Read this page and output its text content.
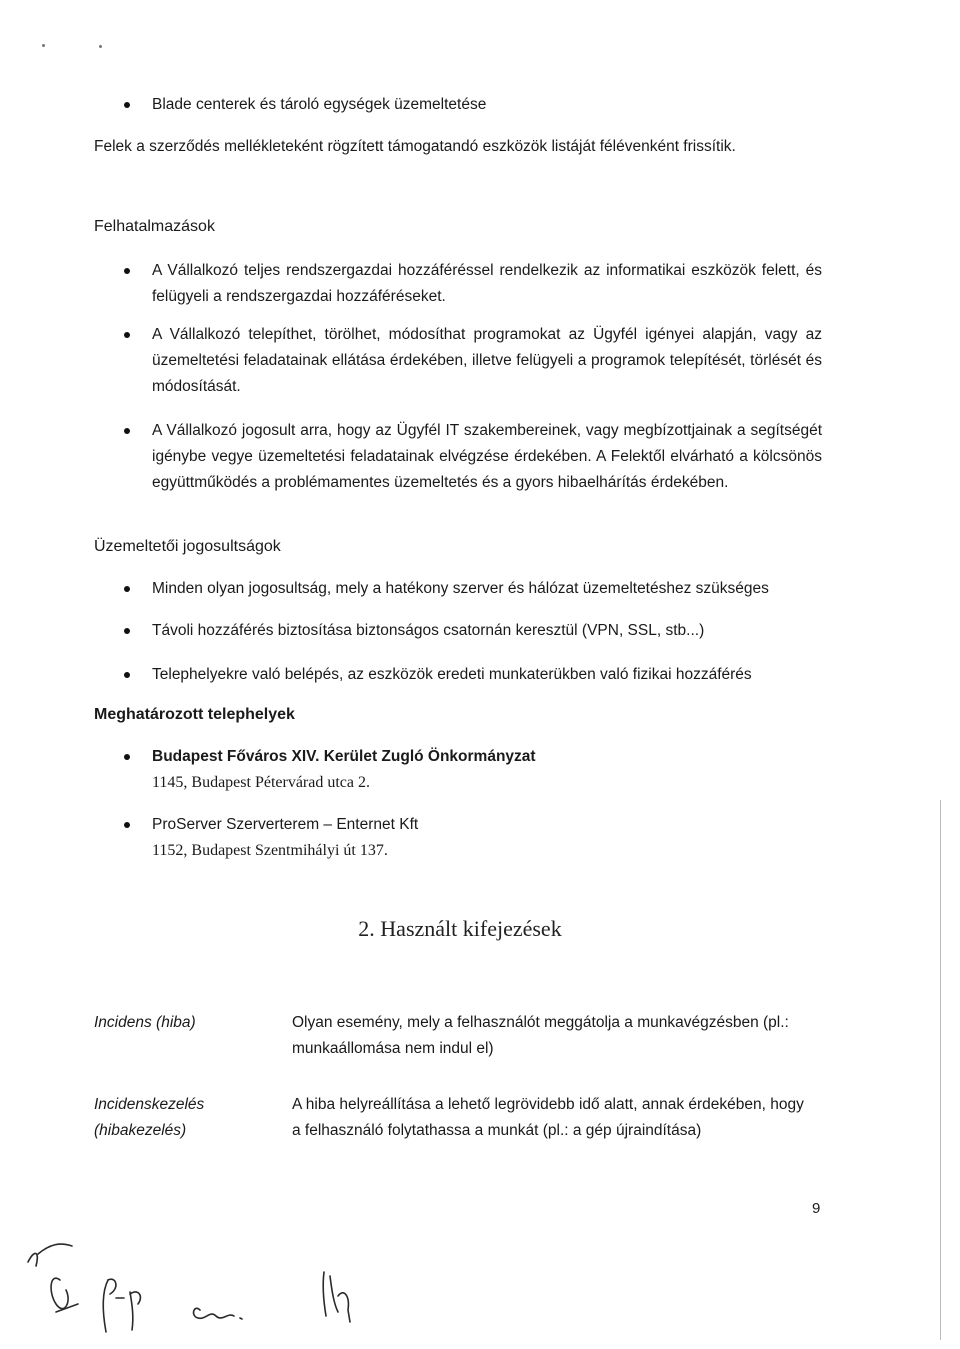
Blade centerek és tároló egységek üzemeltetése
Felek a szerződés mellékleteként rögzített támogatandó eszközök listáját félévenként frissítik.
Felhatalmazások
A Vállalkozó teljes rendszergazdai hozzáféréssel rendelkezik az informatikai eszközök felett, és felügyeli a rendszergazdai hozzáféréseket.
A Vállalkozó telepíthet, törölhet, módosíthat programokat az Ügyfél igényei alapján, vagy az üzemeltetési feladatainak ellátása érdekében, illetve felügyeli a programok telepítését, törlését és módosítását.
A Vállalkozó jogosult arra, hogy az Ügyfél IT szakembereinek, vagy megbízottjainak a segítségét igénybe vegye üzemeltetési feladatainak elvégzése érdekében. A Felektől elvárható a kölcsönös együttműködés a problémamentes üzemeltetés és a gyors hibaelhárítás érdekében.
Üzemeltetői jogosultságok
Minden olyan jogosultság, mely a hatékony szerver és hálózat üzemeltetéshez szükséges
Távoli hozzáférés biztosítása biztonságos csatornán keresztül (VPN, SSL, stb...)
Telephelyekre való belépés, az eszközök eredeti munkaterükben való fizikai hozzáférés
Meghatározott telephelyek
Budapest Főváros XIV. Kerület Zugló Önkormányzat
1145, Budapest Pétervárad utca 2.
ProServer Szerverterem – Enternet Kft
1152, Budapest Szentmihályi út 137.
2. Használt kifejezések
Incidens (hiba)	Olyan esemény, mely a felhasználót meggátolja a munkavégzésben (pl.: munkaállomása nem indul el)
Incidenskezelés
(hibakezelés)
A hiba helyreállítása a lehető legrövidebb idő alatt, annak érdekében, hogy a felhasználó folytathassa a munkát (pl.: a gép újraindítása)
9
